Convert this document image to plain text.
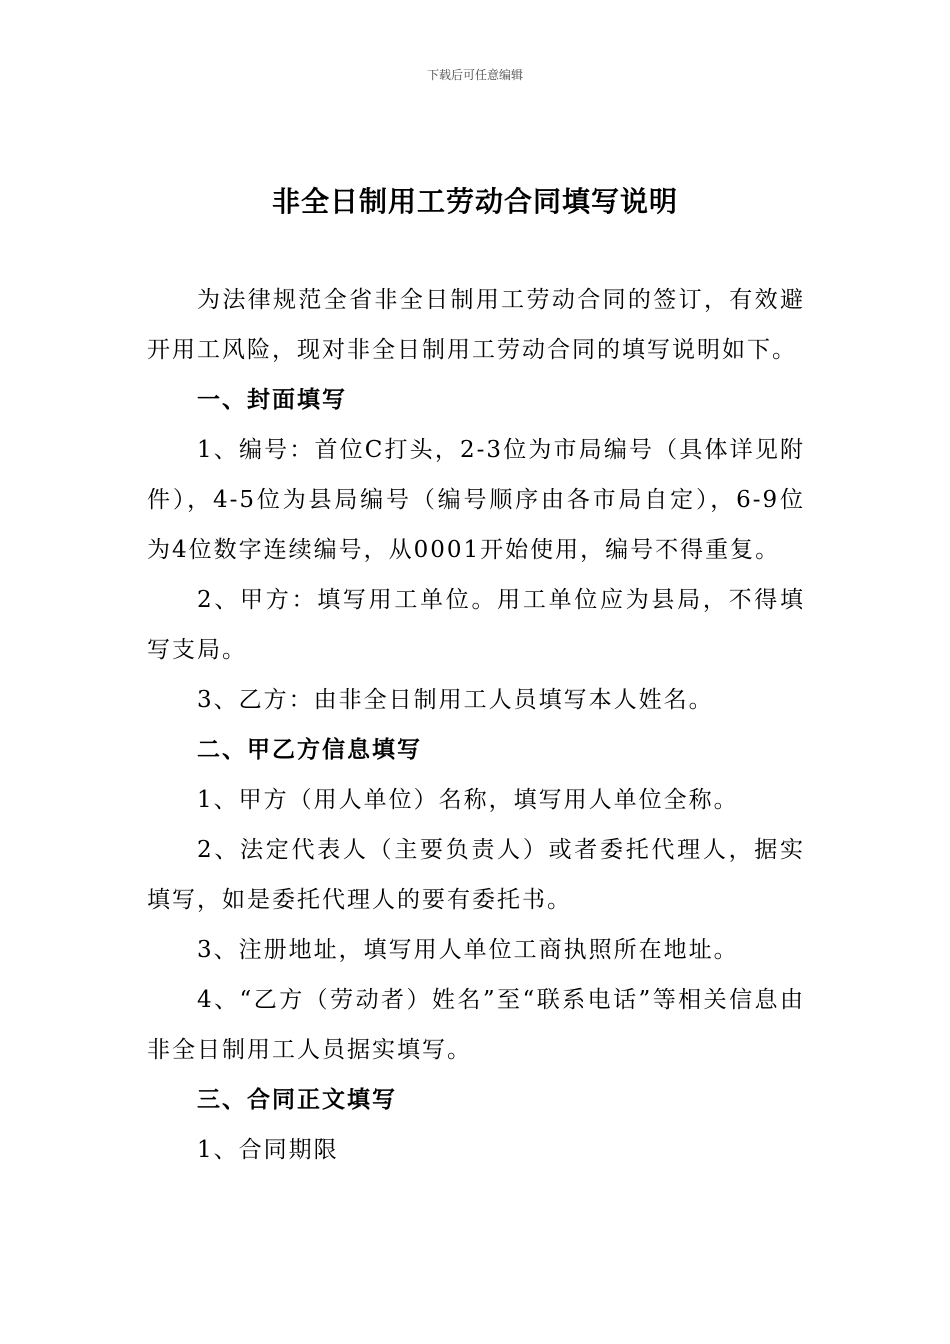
下载后可任意编辑
非全日制用工劳动合同填写说明

为法律规范全省非全日制用工劳动合同的签订，有效避开用工风险，现对非全日制用工劳动合同的填写说明如下。

一、封面填写

1、编号：首位C打头，2-3位为市局编号（具体详见附件），4-5位为县局编号（编号顺序由各市局自定），6-9位为4位数字连续编号，从0001开始使用，编号不得重复。

2、甲方：填写用工单位。用工单位应为县局，不得填写支局。

3、乙方：由非全日制用工人员填写本人姓名。

二、甲乙方信息填写

1、甲方（用人单位）名称，填写用人单位全称。

2、法定代表人（主要负责人）或者委托代理人，据实填写，如是委托代理人的要有委托书。

3、注册地址，填写用人单位工商执照所在地址。

4、“乙方（劳动者）姓名”至“联系电话”等相关信息由非全日制用工人员据实填写。

三、合同正文填写

1、合同期限
